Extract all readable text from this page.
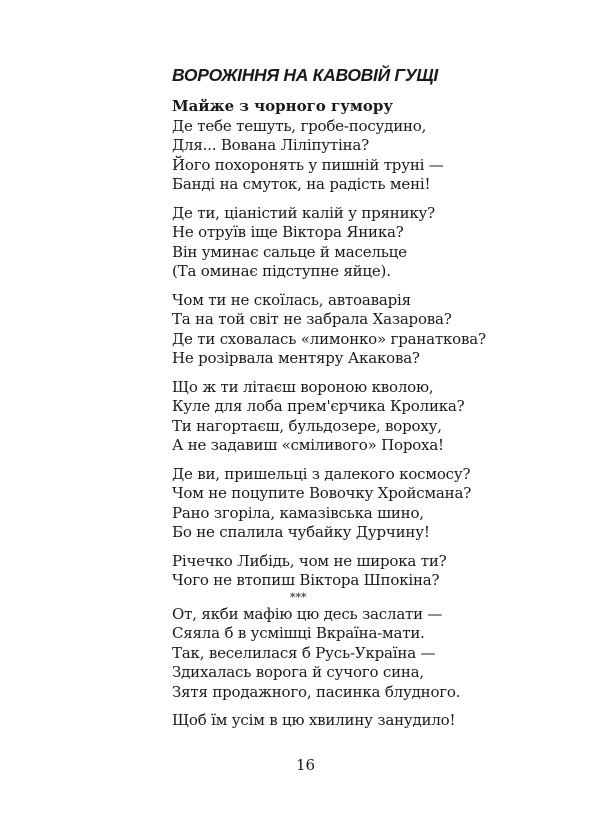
ВОРОЖІННЯ НА КАВОВІЙ ГУЩІ
Майже з чорного гумору
Де тебе тешуть, гробе-посудино,
Для... Вована Ліліпутіна?
Його похоронять у пишній труні —
Банді на смуток, на радість мені!
Де ти, ціаністий калій у прянику?
Не отруїв іще Віктора Яника?
Він уминає сальце й масельце
(Та оминає підступне яйце).
Чом ти не скоїлась, автоаварія
Та на той світ не забрала Хазарова?
Де ти сховалась «лимонко» гранаткова?
Не розірвала ментяру Акакова?
Що ж ти літаєш вороною кволою,
Куле для лоба прем'єрчика Кролика?
Ти нагортаєш, бульдозере, вороху,
А не задавиш «сміливого» Пороха!
Де ви, пришельці з далекого космосу?
Чом не поцупите Вовочку Хройсмана?
Рано згоріла, камазівська шино,
Бо не спалила чубайку Дурчину!
Річечко Либідь, чом не широка ти?
Чого не втопиш Віктора Шпокіна?
***
От, якби мафію цю десь заслати —
Сяяла б в усмішці Вкраїна-мати.
Так, веселилася б Русь-Україна —
Здихалась ворога й сучого сина,
Зятя продажного, пасинка блудного.
Щоб їм усім в цю хвилину занудило!
16
